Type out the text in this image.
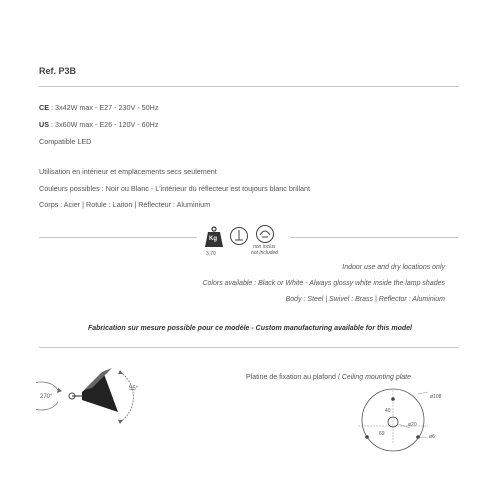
Ref. P3B
CE : 3x42W max - E27 - 230V - 50Hz
US : 3x60W max - E26 - 120V - 60Hz
Compatible LED
Utilisation en intérieur et emplacements secs seulement
Couleurs possibles : Noir ou Blanc - L'intérieur du réflecteur est toujours blanc brillant
Corps : Acier | Rotule : Laiton | Réflecteur : Aluminium
Kg
3,70
non inclus
not included
Indoor use and dry locations only
Colors available : Black or White - Always glossy white inside the lamp shades
Body : Steel | Swivel : Brass | Reflector : Aluminium
Fabrication sur mesure possible pour ce modèle - Custom manufacturing available for this model
270°
55°
Platine de fixation au plafond / Ceiling mounting plate
ø108
40
ø20
69	ø6
